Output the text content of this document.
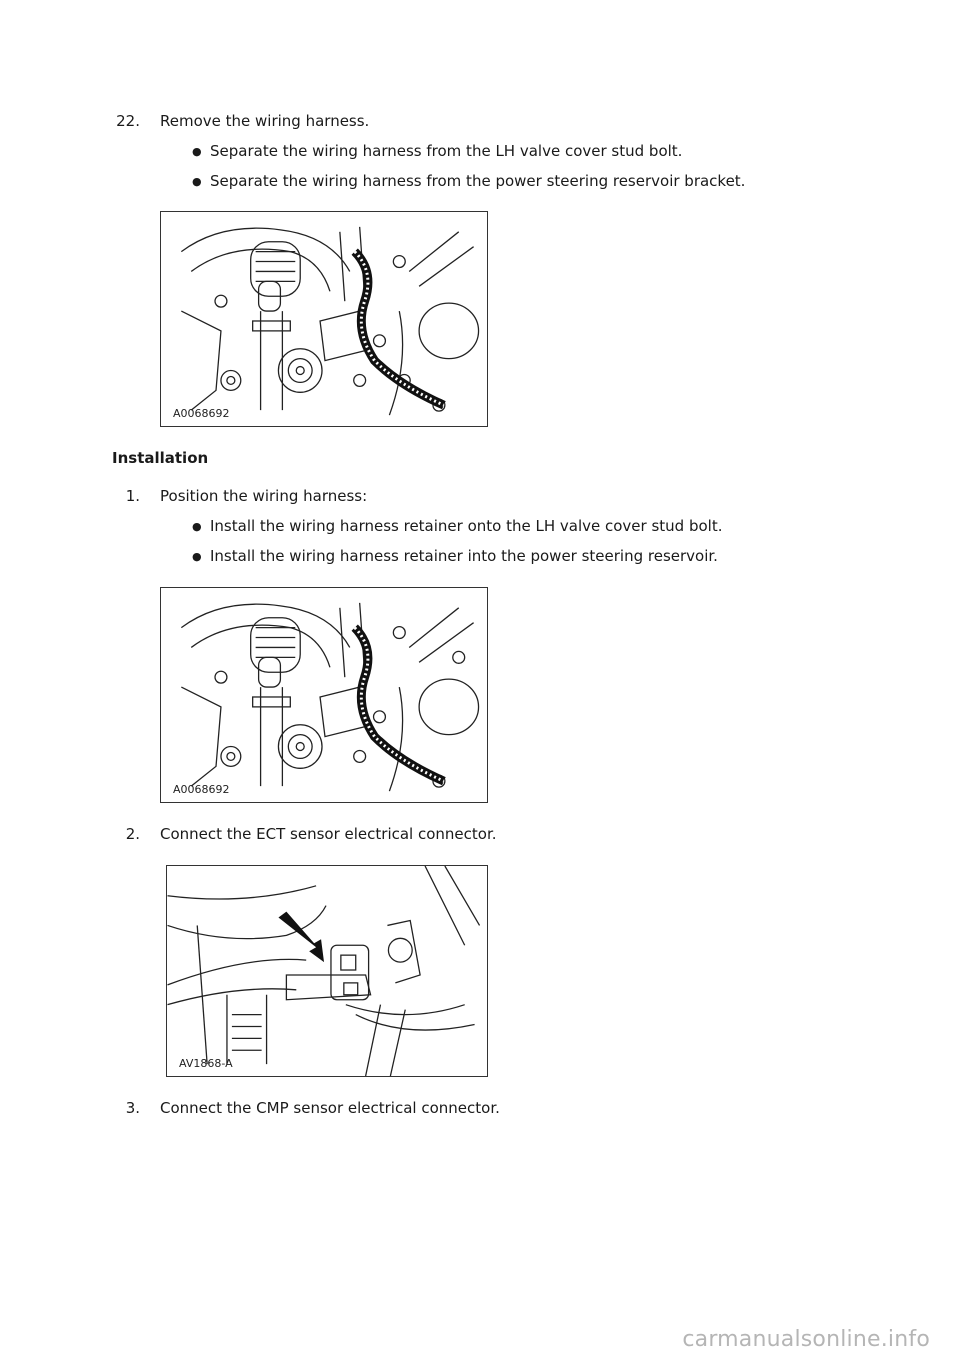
22. Remove the wiring harness.
● Separate the wiring harness from the LH valve cover stud bolt.
● Separate the wiring harness from the power steering reservoir bracket.
A0068692
Installation
1. Position the wiring harness:
● Install the wiring harness retainer onto the LH valve cover stud bolt.
● Install the wiring harness retainer into the power steering reservoir.
A0068692
2. Connect the ECT sensor electrical connector.
AV1868-A
3. Connect the CMP sensor electrical connector.
carmanualsonline.info
